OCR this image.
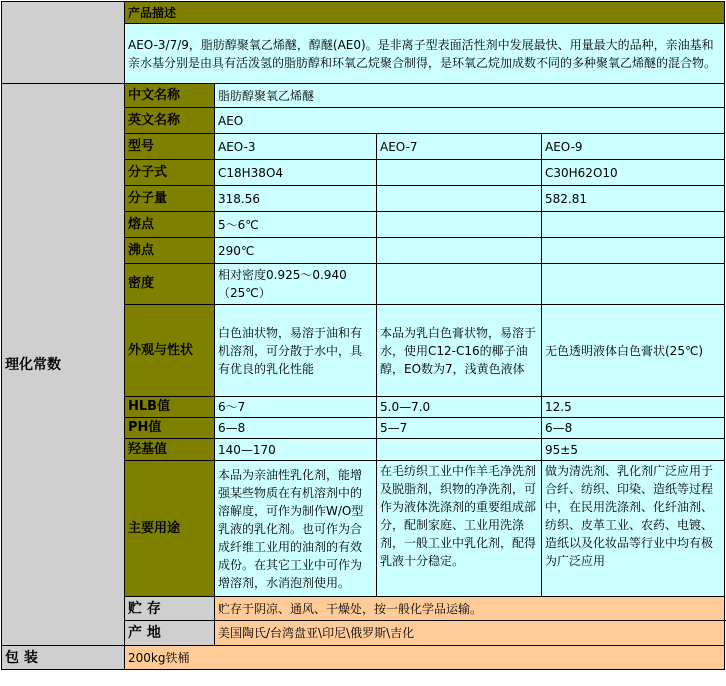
	产品描述			
	AEO-3/7/9，脂肪醇聚氧乙烯醚，醇醚(AE0)。是非离子型表面活性剂中发展最快、用量最大的品种，亲油基和亲水基分别是由具有活泼氢的脂肪醇和环氧乙烷聚合制得，是环氧乙烷加成数不同的多种聚氧乙烯醚的混合物。			
理化常数	中文名称	脂肪醇聚氧乙烯醚		
	英文名称	AEO		
	型号	AEO-3	AEO-7	AEO-9
	分子式	C18H38O4		C30H62O10
	分子量	318.56		582.81
	熔点	5～6℃		
	沸点	290℃		
	密度	相对密度0.925～0.940（25℃）		
	外观与性状	白色油状物，易溶于油和有机溶剂，可分散于水中，具有优良的乳化性能	本品为乳白色膏状物，易溶于水，使用C12-C16的椰子油醇，EO数为7，浅黄色液体	无色透明液体白色膏状(25℃)
	HLB值	6～7	5.0—7.0	12.5
	PH值	6—8	5—7	6—8
	羟基值	140—170		95±5
	主要用途	本品为亲油性乳化剂，能增强某些物质在有机溶剂中的溶解度，可作为制作W/O型乳液的乳化剂。也可作为合成纤维工业用的油剂的有效成份。在其它工业中可作为增溶剂，水消泡剂使用。	在毛纺织工业中作羊毛净洗剂及脱脂剂，织物的净洗剂，可作为液体洗涤剂的重要组成部分，配制家庭、工业用洗涤剂，一般工业中乳化剂，配得乳液十分稳定。	做为清洗剂、乳化剂广泛应用于合纤、纺织、印染、造纸等过程中，在民用洗涤剂、化纤油剂、纺织、皮革工业、农药、电镀、造纸以及化妆品等行业中均有极为广泛应用
	贮 存	贮存于阴凉、通风、干燥处，按一般化学品运输。		
	产 地	美国陶氏/台湾盘亚\印尼\俄罗斯\吉化		
包 装	200kg铁桶			
